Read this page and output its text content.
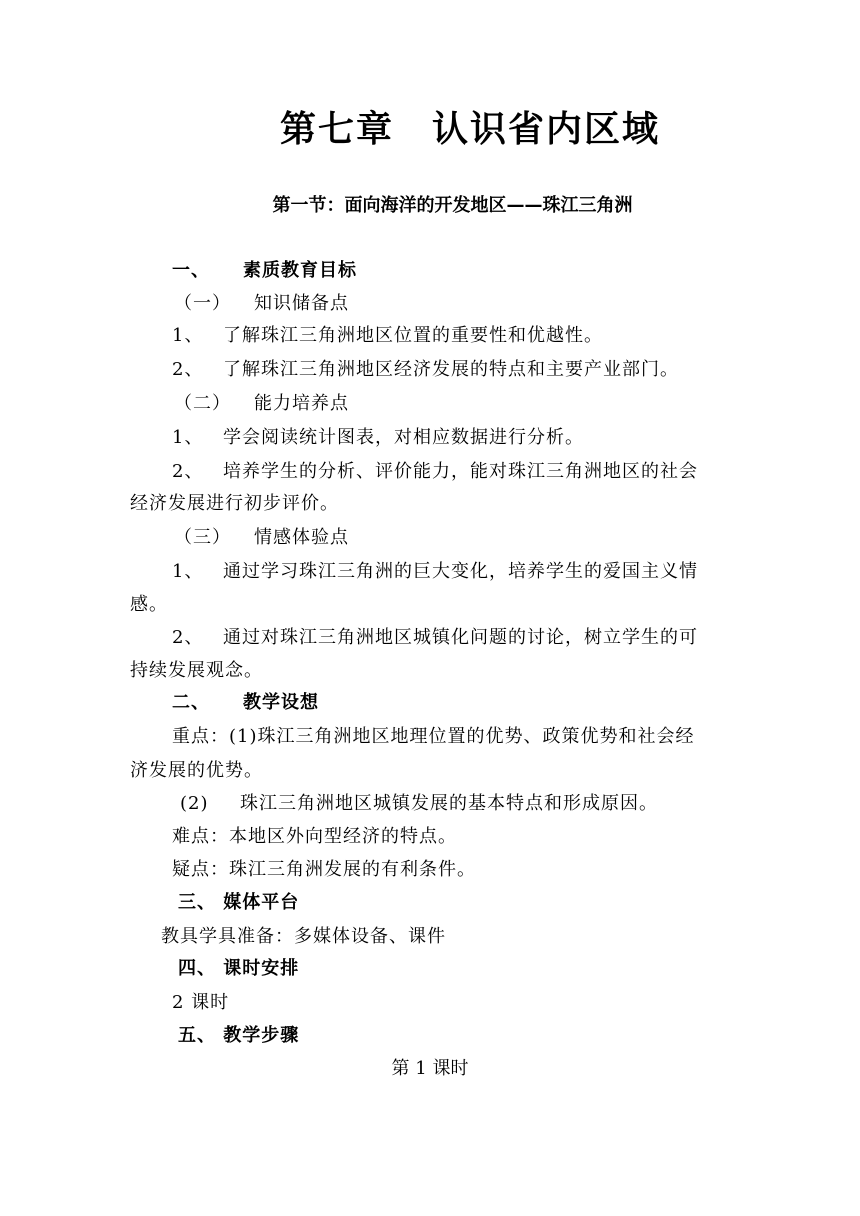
第七章　认识省内区域
第一节：面向海洋的开发地区——珠江三角洲
一、 素质教育目标
（一） 知识储备点
1、 了解珠江三角洲地区位置的重要性和优越性。
2、 了解珠江三角洲地区经济发展的特点和主要产业部门。
（二） 能力培养点
1、 学会阅读统计图表，对相应数据进行分析。
2、 培养学生的分析、评价能力，能对珠江三角洲地区的社会
经济发展进行初步评价。
（三） 情感体验点
1、 通过学习珠江三角洲的巨大变化，培养学生的爱国主义情
感。
2、 通过对珠江三角洲地区城镇化问题的讨论，树立学生的可
持续发展观念。
二、 教学设想
重点：(1)珠江三角洲地区地理位置的优势、政策优势和社会经
济发展的优势。
(2) 珠江三角洲地区城镇发展的基本特点和形成原因。
难点：本地区外向型经济的特点。
疑点：珠江三角洲发展的有利条件。
三、 媒体平台
教具学具准备：多媒体设备、课件
四、 课时安排
2 课时
五、 教学步骤
第 1 课时
